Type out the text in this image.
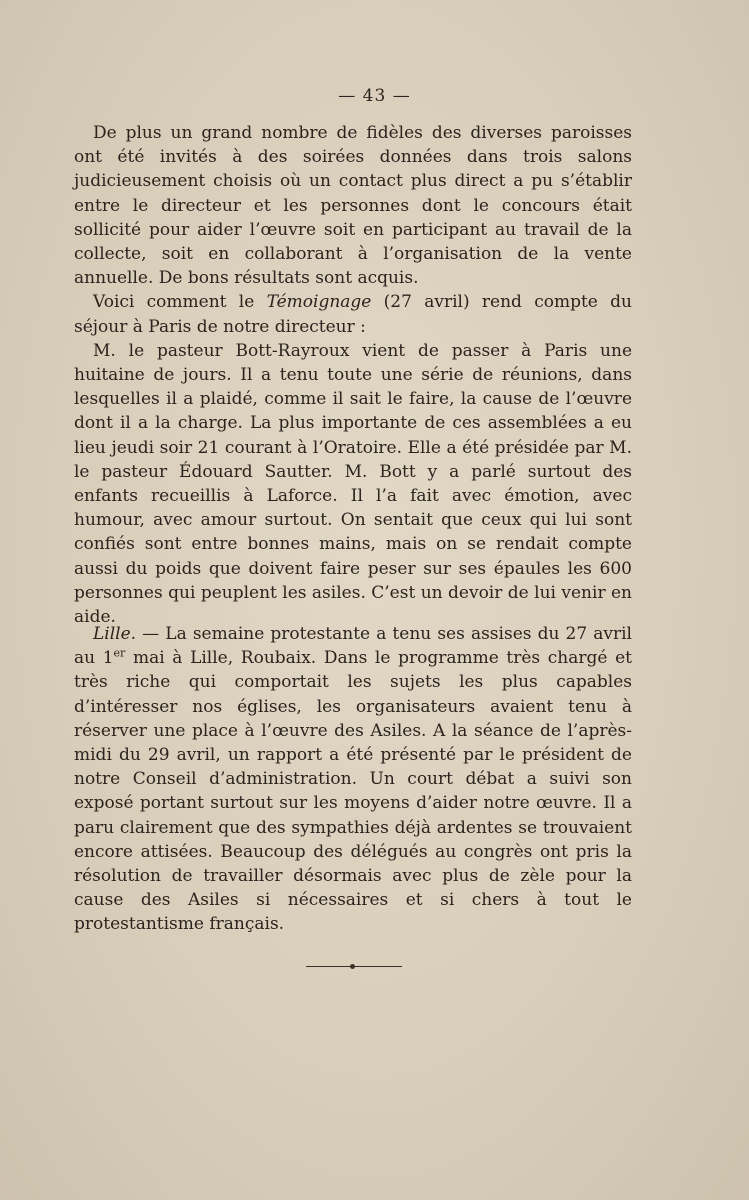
— 43 —

De plus un grand nombre de fidèles des diverses paroisses ont été invités à des soirées données dans trois salons judicieusement choisis où un contact plus direct a pu s’établir entre le directeur et les personnes dont le concours était sollicité pour aider l’œuvre soit en participant au travail de la collecte, soit en collaborant à l’organisation de la vente annuelle. De bons résultats sont acquis.

Voici comment le Témoignage (27 avril) rend compte du séjour à Paris de notre directeur :

M. le pasteur Bott-Rayroux vient de passer à Paris une huitaine de jours. Il a tenu toute une série de réunions, dans lesquelles il a plaidé, comme il sait le faire, la cause de l’œuvre dont il a la charge. La plus importante de ces assemblées a eu lieu jeudi soir 21 courant à l’Oratoire. Elle a été présidée par M. le pasteur Édouard Sautter. M. Bott y a parlé surtout des enfants recueillis à Laforce. Il l’a fait avec émotion, avec humour, avec amour surtout. On sentait que ceux qui lui sont confiés sont entre bonnes mains, mais on se rendait compte aussi du poids que doivent faire peser sur ses épaules les 600 personnes qui peuplent les asiles. C’est un devoir de lui venir en aide.

Lille. — La semaine protestante a tenu ses assises du 27 avril au 1er mai à Lille, Roubaix. Dans le programme très chargé et très riche qui comportait les sujets les plus capables d’intéresser nos églises, les organisateurs avaient tenu à réserver une place à l’œuvre des Asiles. A la séance de l’après-midi du 29 avril, un rapport a été présenté par le président de notre Conseil d’administration. Un court débat a suivi son exposé portant surtout sur les moyens d’aider notre œuvre. Il a paru clairement que des sympathies déjà ardentes se trouvaient encore attisées. Beaucoup des délégués au congrès ont pris la résolution de travailler désormais avec plus de zèle pour la cause des Asiles si nécessaires et si chers à tout le protestantisme français.
